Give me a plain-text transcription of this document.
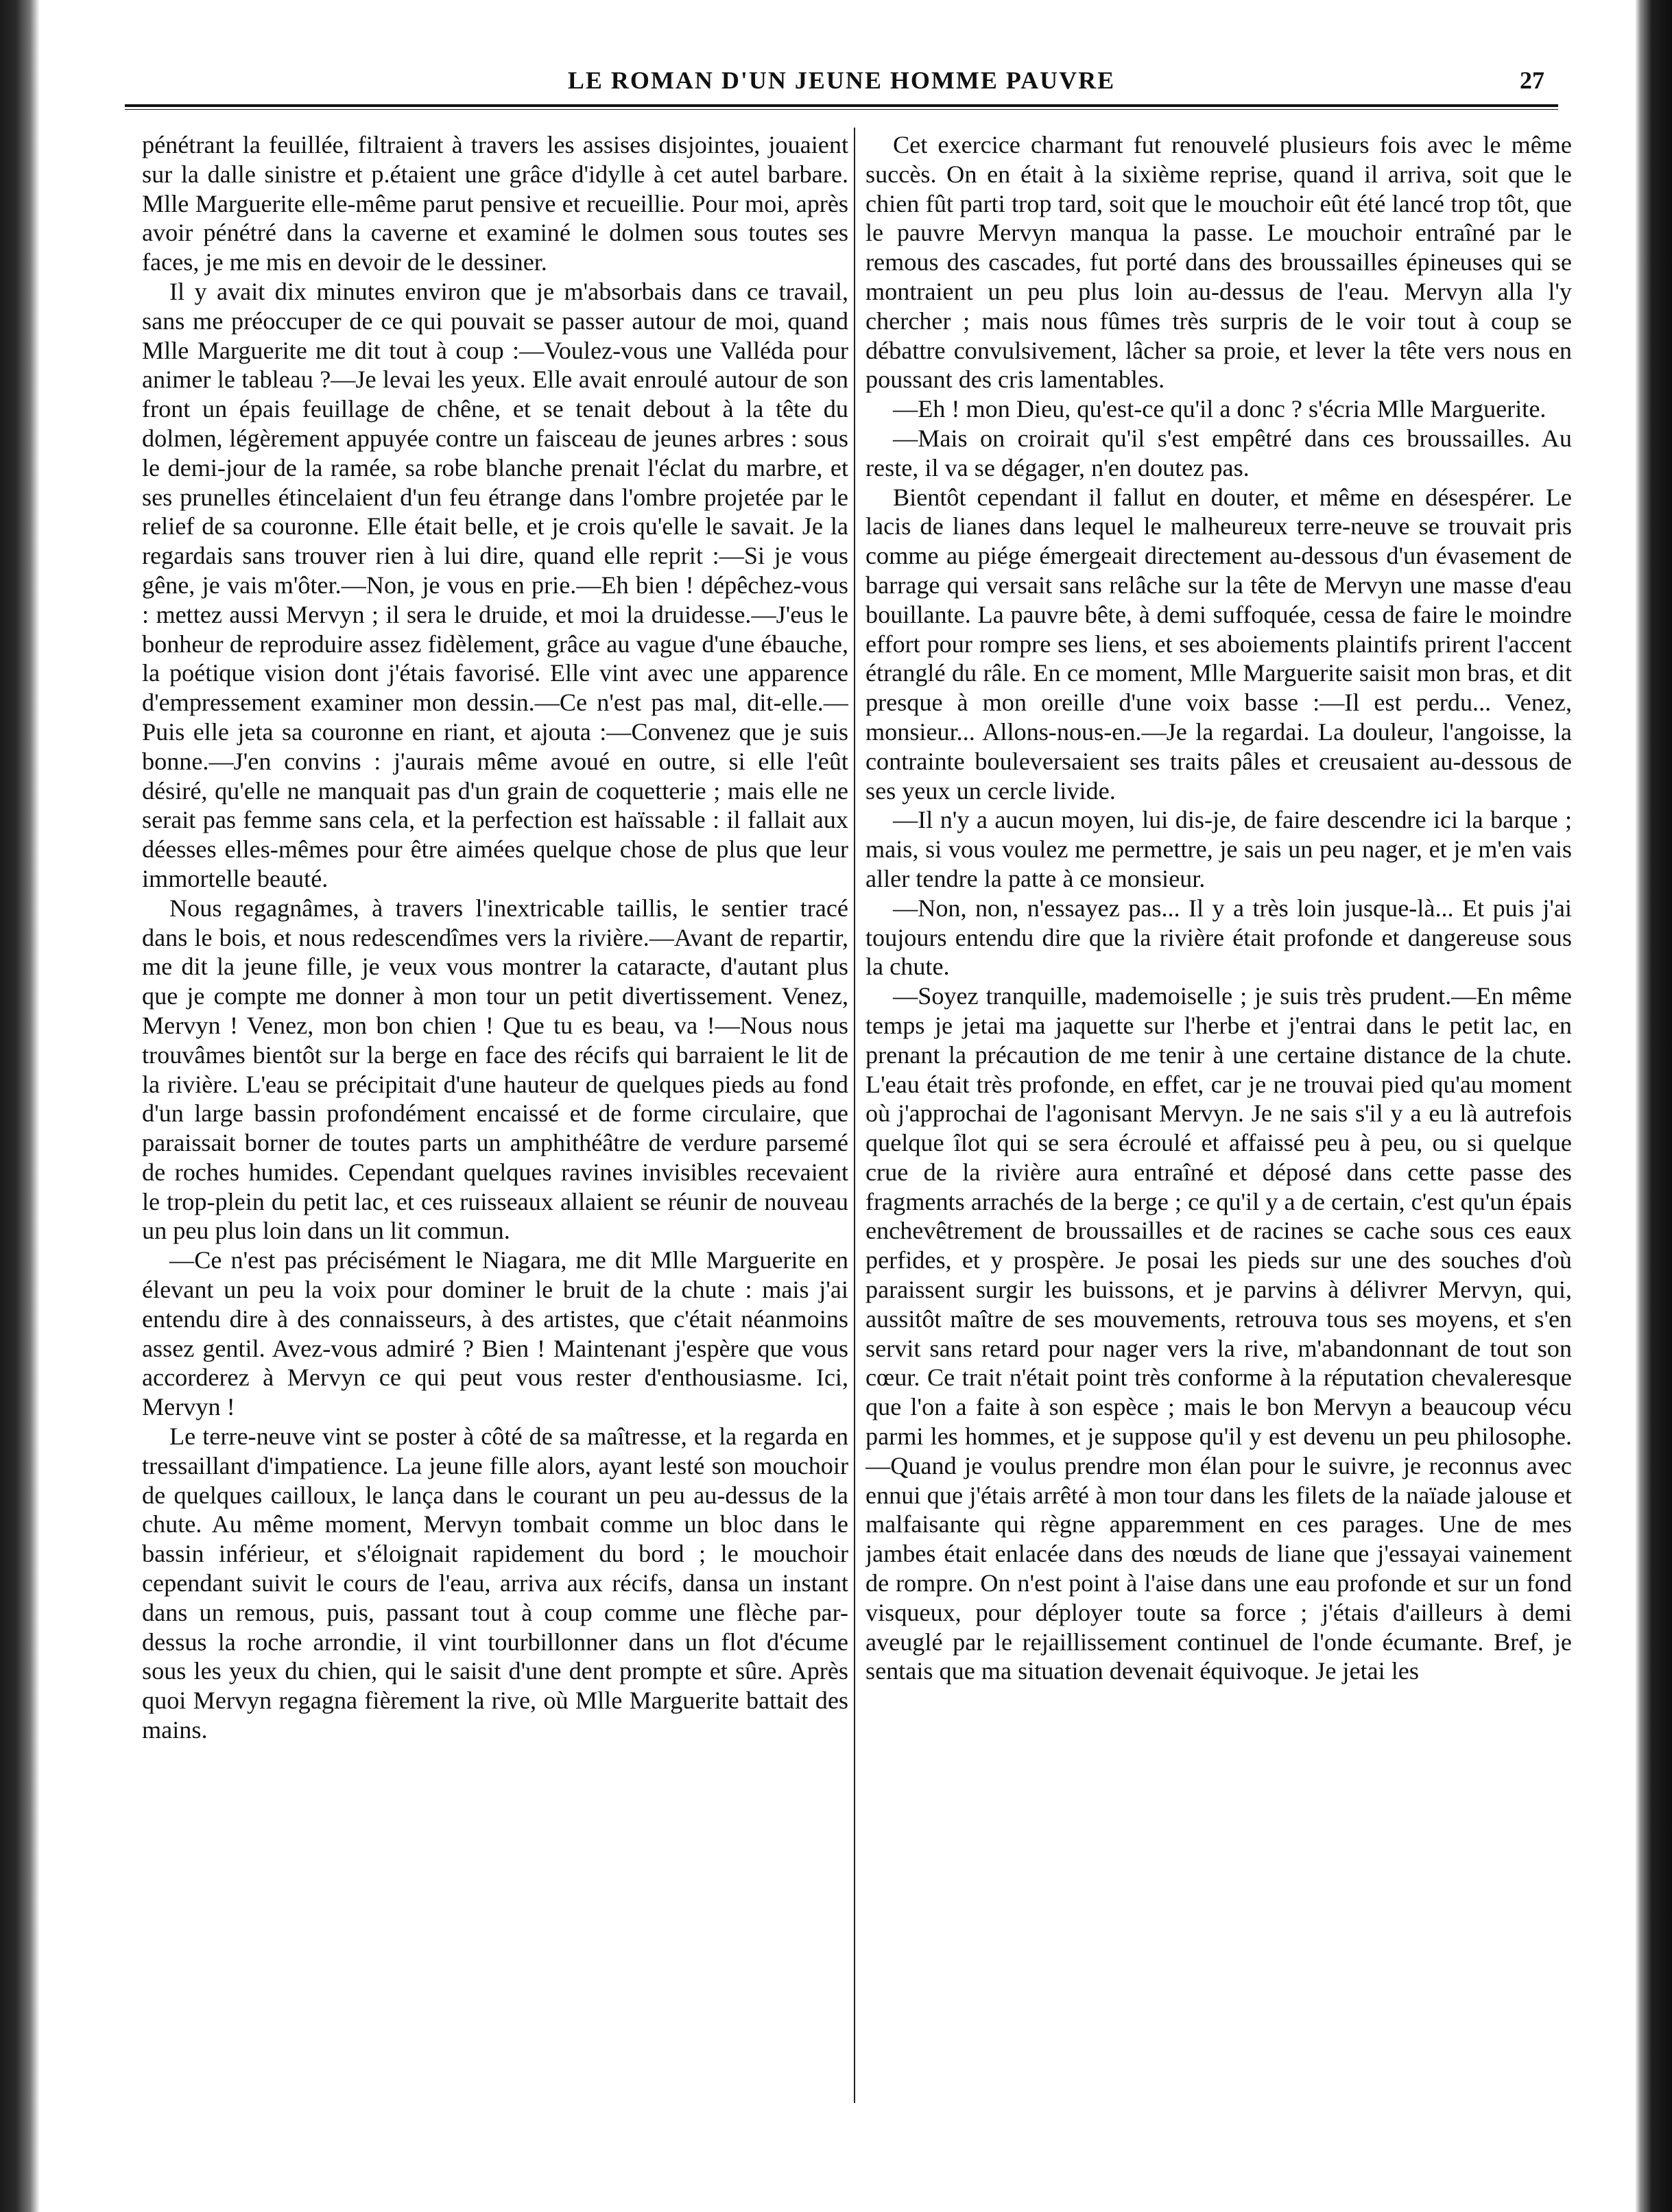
LE ROMAN D'UN JEUNE HOMME PAUVRE	27

pénétrant la feuillée, filtraient à travers les assises disjointes, jouaient sur la dalle sinistre et p.étaient une grâce d'idylle à cet autel barbare. Mlle Marguerite elle-même parut pensive et recueillie. Pour moi, après avoir pénétré dans la caverne et examiné le dolmen sous toutes ses faces, je me mis en devoir de le dessiner.

Il y avait dix minutes environ que je m'absorbais dans ce travail, sans me préoccuper de ce qui pouvait se passer autour de moi, quand Mlle Marguerite me dit tout à coup :—Voulez-vous une Valléda pour animer le tableau ?—Je levai les yeux. Elle avait enroulé autour de son front un épais feuillage de chêne, et se tenait debout à la tête du dolmen, légèrement appuyée contre un faisceau de jeunes arbres : sous le demi-jour de la ramée, sa robe blanche prenait l'éclat du marbre, et ses prunelles étincelaient d'un feu étrange dans l'ombre projetée par le relief de sa couronne. Elle était belle, et je crois qu'elle le savait. Je la regardais sans trouver rien à lui dire, quand elle reprit :—Si je vous gêne, je vais m'ôter.—Non, je vous en prie.—Eh bien ! dépêchez-vous : mettez aussi Mervyn ; il sera le druide, et moi la druidesse.—J'eus le bonheur de reproduire assez fidèlement, grâce au vague d'une ébauche, la poétique vision dont j'étais favorisé. Elle vint avec une apparence d'empressement examiner mon dessin.—Ce n'est pas mal, dit-elle.—Puis elle jeta sa couronne en riant, et ajouta :—Convenez que je suis bonne.—J'en convins : j'aurais même avoué en outre, si elle l'eût désiré, qu'elle ne manquait pas d'un grain de coquetterie ; mais elle ne serait pas femme sans cela, et la perfection est haïssable : il fallait aux déesses elles-mêmes pour être aimées quelque chose de plus que leur immortelle beauté.

Nous regagnâmes, à travers l'inextricable taillis, le sentier tracé dans le bois, et nous redescendîmes vers la rivière.—Avant de repartir, me dit la jeune fille, je veux vous montrer la cataracte, d'autant plus que je compte me donner à mon tour un petit divertissement. Venez, Mervyn ! Venez, mon bon chien ! Que tu es beau, va !—Nous nous trouvâmes bientôt sur la berge en face des récifs qui barraient le lit de la rivière. L'eau se précipitait d'une hauteur de quelques pieds au fond d'un large bassin profondément encaissé et de forme circulaire, que paraissait borner de toutes parts un amphithéâtre de verdure parsemé de roches humides. Cependant quelques ravines invisibles recevaient le trop-plein du petit lac, et ces ruisseaux allaient se réunir de nouveau un peu plus loin dans un lit commun.

—Ce n'est pas précisément le Niagara, me dit Mlle Marguerite en élevant un peu la voix pour dominer le bruit de la chute : mais j'ai entendu dire à des connaisseurs, à des artistes, que c'était néanmoins assez gentil. Avez-vous admiré ? Bien ! Maintenant j'espère que vous accorderez à Mervyn ce qui peut vous rester d'enthousiasme. Ici, Mervyn !

Le terre-neuve vint se poster à côté de sa maîtresse, et la regarda en tressaillant d'impatience. La jeune fille alors, ayant lesté son mouchoir de quelques cailloux, le lança dans le courant un peu au-dessus de la chute. Au même moment, Mervyn tombait comme un bloc dans le bassin inférieur, et s'éloignait rapidement du bord ; le mouchoir cependant suivit le cours de l'eau, arriva aux récifs, dansa un instant dans un remous, puis, passant tout à coup comme une flèche par-dessus la roche arrondie, il vint tourbillonner dans un flot d'écume sous les yeux du chien, qui le saisit d'une dent prompte et sûre. Après quoi Mervyn regagna fièrement la rive, où Mlle Marguerite battait des mains.

Cet exercice charmant fut renouvelé plusieurs fois avec le même succès. On en était à la sixième reprise, quand il arriva, soit que le chien fût parti trop tard, soit que le mouchoir eût été lancé trop tôt, que le pauvre Mervyn manqua la passe. Le mouchoir entraîné par le remous des cascades, fut porté dans des broussailles épineuses qui se montraient un peu plus loin au-dessus de l'eau. Mervyn alla l'y chercher ; mais nous fûmes très surpris de le voir tout à coup se débattre convulsivement, lâcher sa proie, et lever la tête vers nous en poussant des cris lamentables.

—Eh ! mon Dieu, qu'est-ce qu'il a donc ? s'écria Mlle Marguerite.

—Mais on croirait qu'il s'est empêtré dans ces broussailles. Au reste, il va se dégager, n'en doutez pas.

Bientôt cependant il fallut en douter, et même en désespérer. Le lacis de lianes dans lequel le malheureux terre-neuve se trouvait pris comme au piége émergeait directement au-dessous d'un évasement de barrage qui versait sans relâche sur la tête de Mervyn une masse d'eau bouillante. La pauvre bête, à demi suffoquée, cessa de faire le moindre effort pour rompre ses liens, et ses aboiements plaintifs prirent l'accent étranglé du râle. En ce moment, Mlle Marguerite saisit mon bras, et dit presque à mon oreille d'une voix basse :—Il est perdu... Venez, monsieur... Allons-nous-en.—Je la regardai. La douleur, l'angoisse, la contrainte bouleversaient ses traits pâles et creusaient au-dessous de ses yeux un cercle livide.

—Il n'y a aucun moyen, lui dis-je, de faire descendre ici la barque ; mais, si vous voulez me permettre, je sais un peu nager, et je m'en vais aller tendre la patte à ce monsieur.

—Non, non, n'essayez pas... Il y a très loin jusque-là... Et puis j'ai toujours entendu dire que la rivière était profonde et dangereuse sous la chute.

—Soyez tranquille, mademoiselle ; je suis très prudent.—En même temps je jetai ma jaquette sur l'herbe et j'entrai dans le petit lac, en prenant la précaution de me tenir à une certaine distance de la chute. L'eau était très profonde, en effet, car je ne trouvai pied qu'au moment où j'approchai de l'agonisant Mervyn. Je ne sais s'il y a eu là autrefois quelque îlot qui se sera écroulé et affaissé peu à peu, ou si quelque crue de la rivière aura entraîné et déposé dans cette passe des fragments arrachés de la berge ; ce qu'il y a de certain, c'est qu'un épais enchevêtrement de broussailles et de racines se cache sous ces eaux perfides, et y prospère. Je posai les pieds sur une des souches d'où paraissent surgir les buissons, et je parvins à délivrer Mervyn, qui, aussitôt maître de ses mouvements, retrouva tous ses moyens, et s'en servit sans retard pour nager vers la rive, m'abandonnant de tout son cœur. Ce trait n'était point très conforme à la réputation chevaleresque que l'on a faite à son espèce ; mais le bon Mervyn a beaucoup vécu parmi les hommes, et je suppose qu'il y est devenu un peu philosophe.—Quand je voulus prendre mon élan pour le suivre, je reconnus avec ennui que j'étais arrêté à mon tour dans les filets de la naïade jalouse et malfaisante qui règne apparemment en ces parages. Une de mes jambes était enlacée dans des nœuds de liane que j'essayai vainement de rompre. On n'est point à l'aise dans une eau profonde et sur un fond visqueux, pour déployer toute sa force ; j'étais d'ailleurs à demi aveuglé par le rejaillissement continuel de l'onde écumante. Bref, je sentais que ma situation devenait équivoque. Je jetai les
